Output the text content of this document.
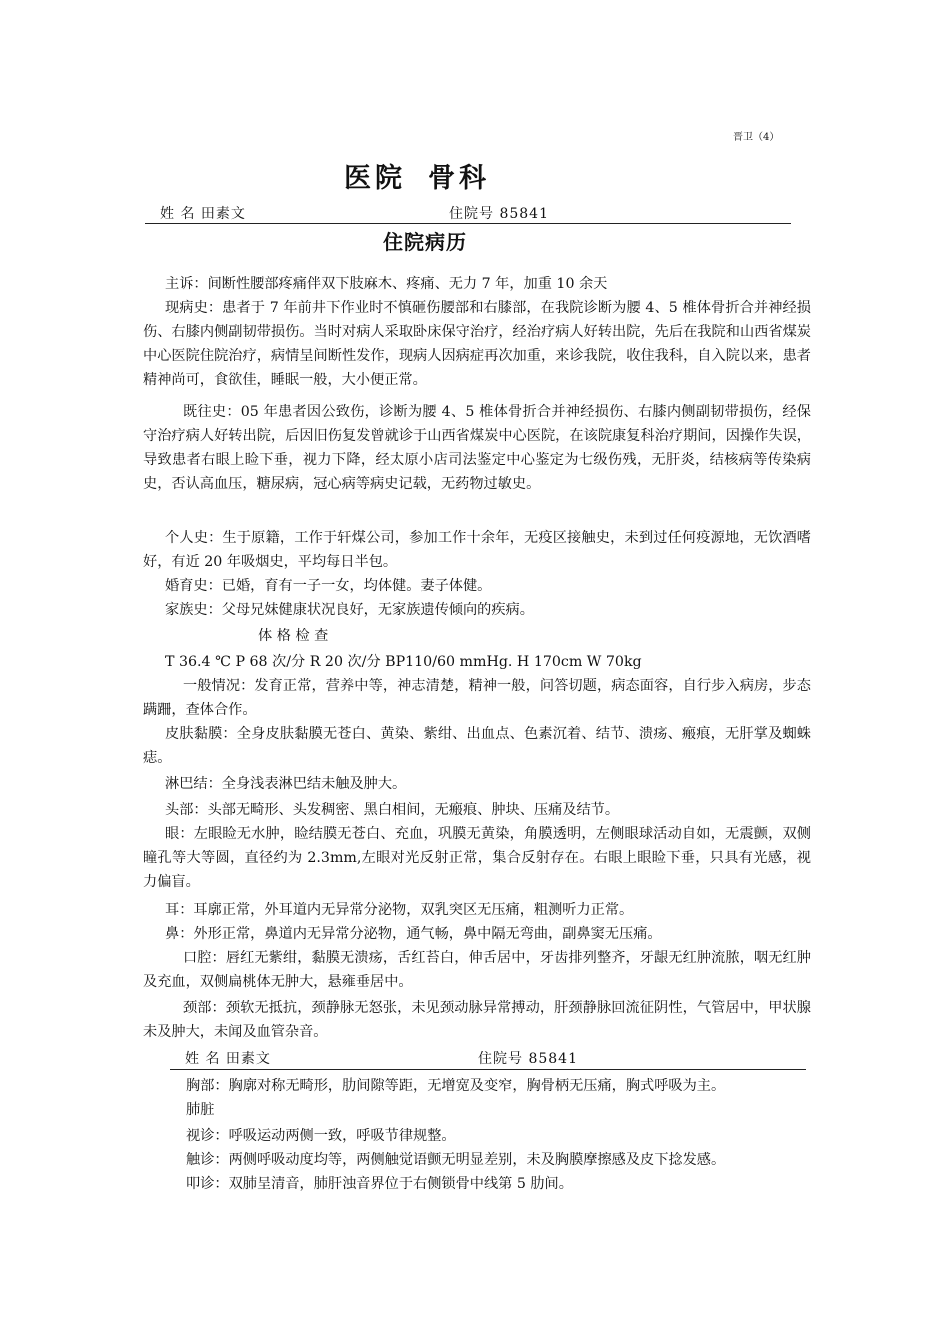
晋卫（4）
医院 骨科
姓 名 田素文	住院号 85841
住院病历
主诉：间断性腰部疼痛伴双下肢麻木、疼痛、无力 7 年，加重 10 余天
现病史：患者于 7 年前井下作业时不慎砸伤腰部和右膝部，在我院诊断为腰 4、5 椎体骨折合并神经损伤、右膝内侧副韧带损伤。当时对病人采取卧床保守治疗，经治疗病人好转出院，先后在我院和山西省煤炭中心医院住院治疗，病情呈间断性发作，现病人因病症再次加重，来诊我院，收住我科，自入院以来，患者精神尚可，食欲佳，睡眠一般，大小便正常。
既往史：05 年患者因公致伤，诊断为腰 4、5 椎体骨折合并神经损伤、右膝内侧副韧带损伤，经保守治疗病人好转出院，后因旧伤复发曾就诊于山西省煤炭中心医院，在该院康复科治疗期间，因操作失误，导致患者右眼上睑下垂，视力下降，经太原小店司法鉴定中心鉴定为七级伤残，无肝炎，结核病等传染病史，否认高血压，糖尿病，冠心病等病史记载，无药物过敏史。
个人史：生于原籍，工作于轩煤公司，参加工作十余年，无疫区接触史，未到过任何疫源地，无饮酒嗜好，有近 20 年吸烟史，平均每日半包。
婚育史：已婚，育有一子一女，均体健。妻子体健。
家族史：父母兄妹健康状况良好，无家族遗传倾向的疾病。
体 格 检 查
T 36.4 ℃ P 68 次/分 R 20 次/分 BP110/60 mmHg. H 170cm W 70kg
一般情况：发育正常，营养中等，神志清楚，精神一般，问答切题，病态面容，自行步入病房，步态蹒跚，查体合作。
皮肤黏膜：全身皮肤黏膜无苍白、黄染、紫绀、出血点、色素沉着、结节、溃疡、瘢痕，无肝掌及蜘蛛痣。
淋巴结：全身浅表淋巴结未触及肿大。
头部：头部无畸形、头发稠密、黑白相间，无瘢痕、肿块、压痛及结节。
眼：左眼睑无水肿，睑结膜无苍白、充血，巩膜无黄染，角膜透明，左侧眼球活动自如，无震颤，双侧瞳孔等大等圆，直径约为 2.3mm,左眼对光反射正常，集合反射存在。右眼上眼睑下垂，只具有光感，视力偏盲。
耳：耳廓正常，外耳道内无异常分泌物，双乳突区无压痛，粗测听力正常。
鼻：外形正常，鼻道内无异常分泌物，通气畅，鼻中隔无弯曲，副鼻窦无压痛。
口腔：唇红无紫绀，黏膜无溃疡，舌红苔白，伸舌居中，牙齿排列整齐，牙龈无红肿流脓，咽无红肿及充血，双侧扁桃体无肿大，悬雍垂居中。
颈部：颈软无抵抗，颈静脉无怒张，未见颈动脉异常搏动，肝颈静脉回流征阴性，气管居中，甲状腺未及肿大，未闻及血管杂音。
姓 名 田素文	住院号 85841
胸部：胸廓对称无畸形，肋间隙等距，无增宽及变窄，胸骨柄无压痛，胸式呼吸为主。
肺脏
视诊：呼吸运动两侧一致，呼吸节律规整。
触诊：两侧呼吸动度均等，两侧触觉语颤无明显差别，未及胸膜摩擦感及皮下捻发感。
叩诊：双肺呈清音，肺肝浊音界位于右侧锁骨中线第 5 肋间。
